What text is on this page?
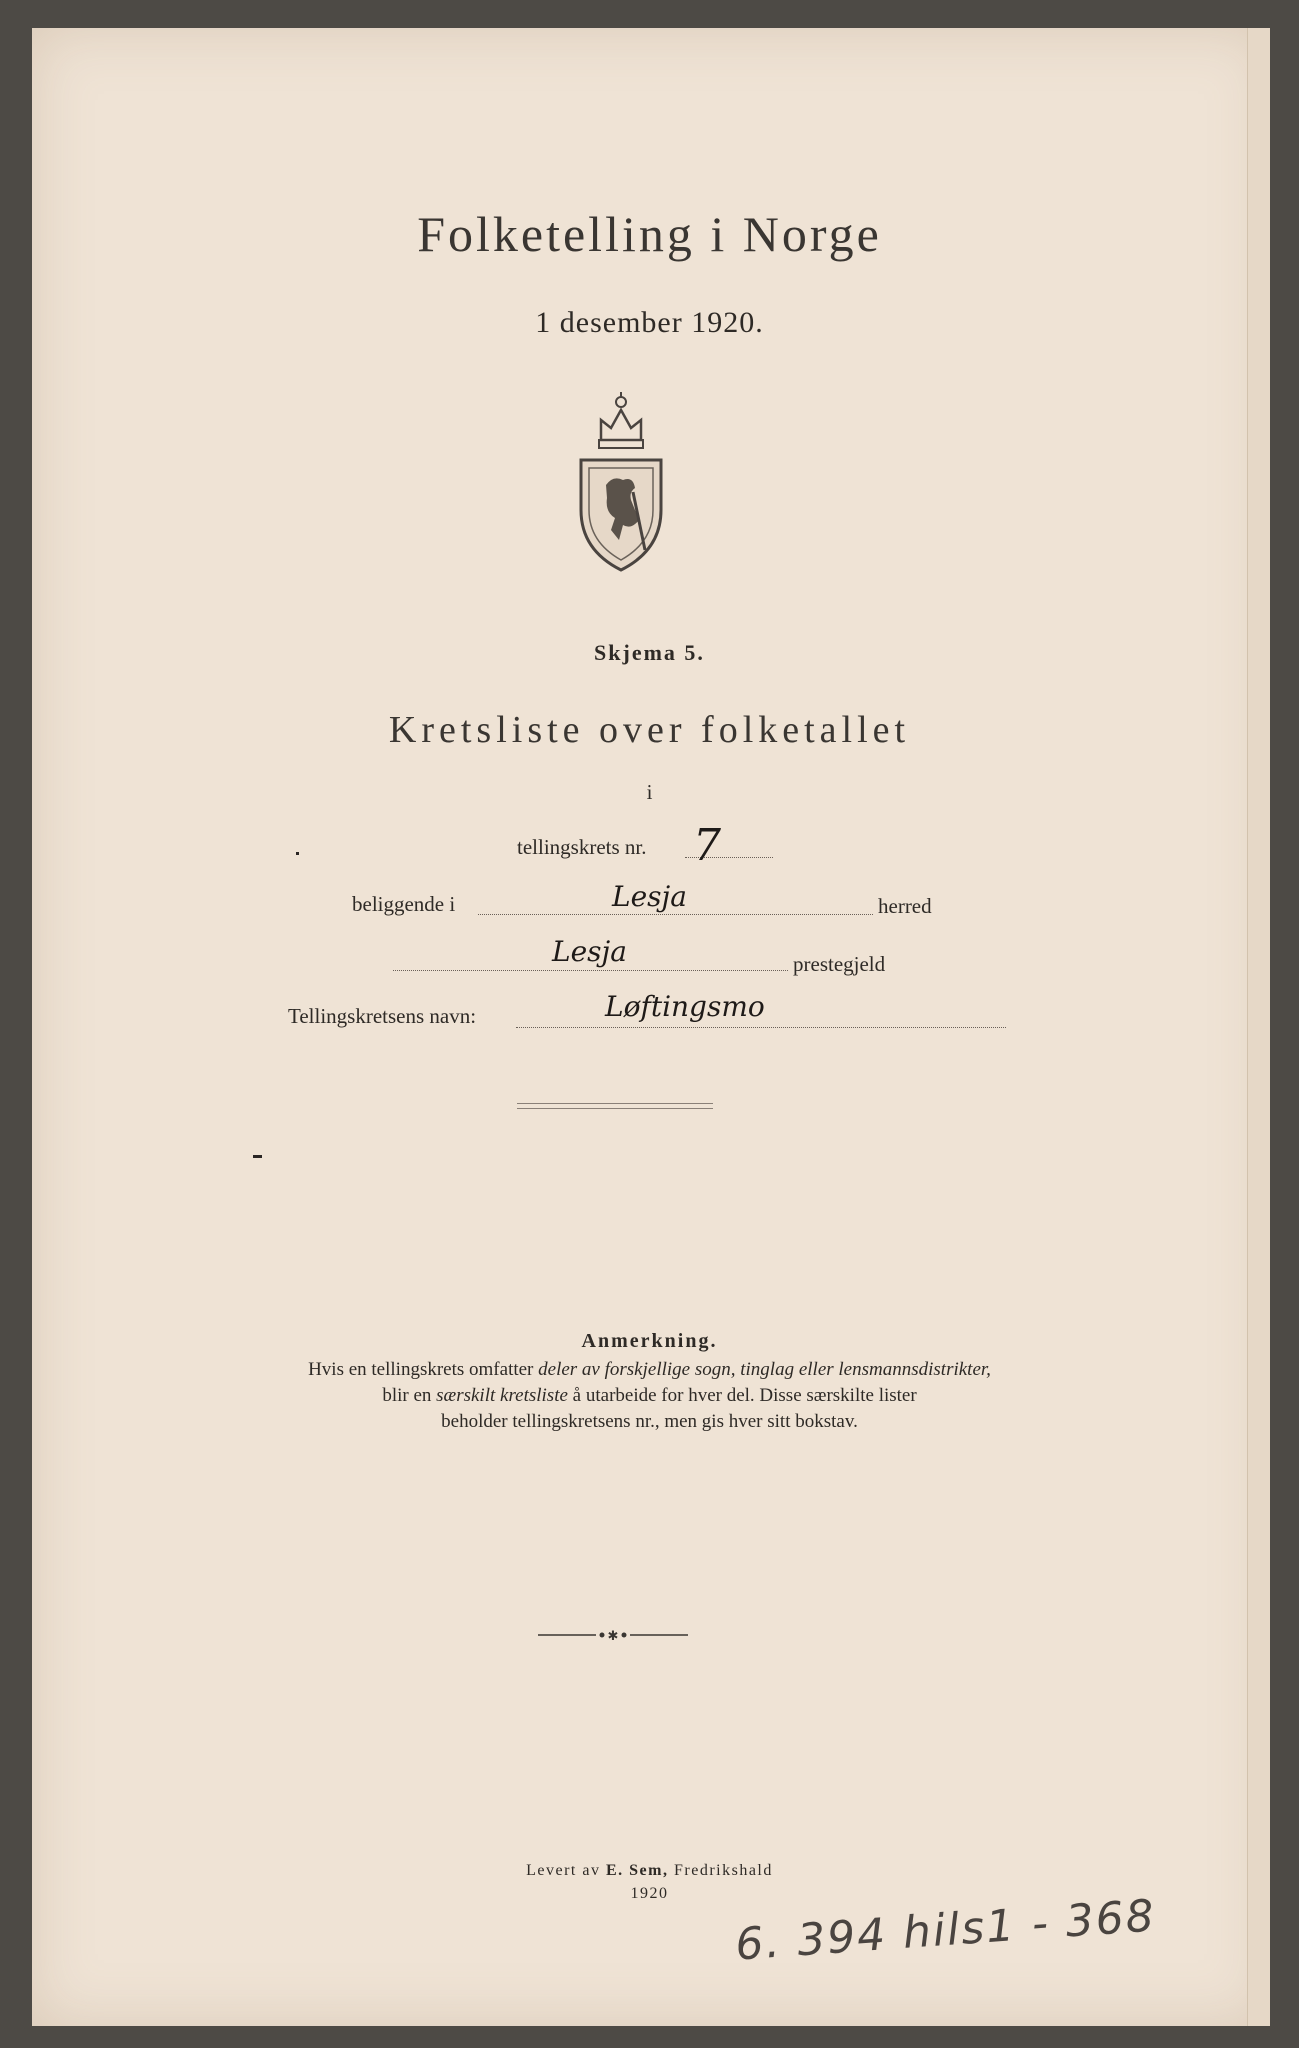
Folketelling i Norge
1 desember 1920.
Skjema 5.
Kretsliste over folketallet
i
tellingskrets nr. 7
beliggende i	Lesja	herred
Lesja	prestegjeld
Tellingskretsens navn:	Løftingsmo
Anmerkning.
Hvis en tellingskrets omfatter deler av forskjellige sogn, tinglag eller lensmannsdistrikter,
blir en særskilt kretsliste å utarbeide for hver del. Disse særskilte lister
beholder tellingskretsens nr., men gis hver sitt bokstav.
✱
Levert av E. Sem, Fredrikshald
1920	6. 394 hils1 - 368
